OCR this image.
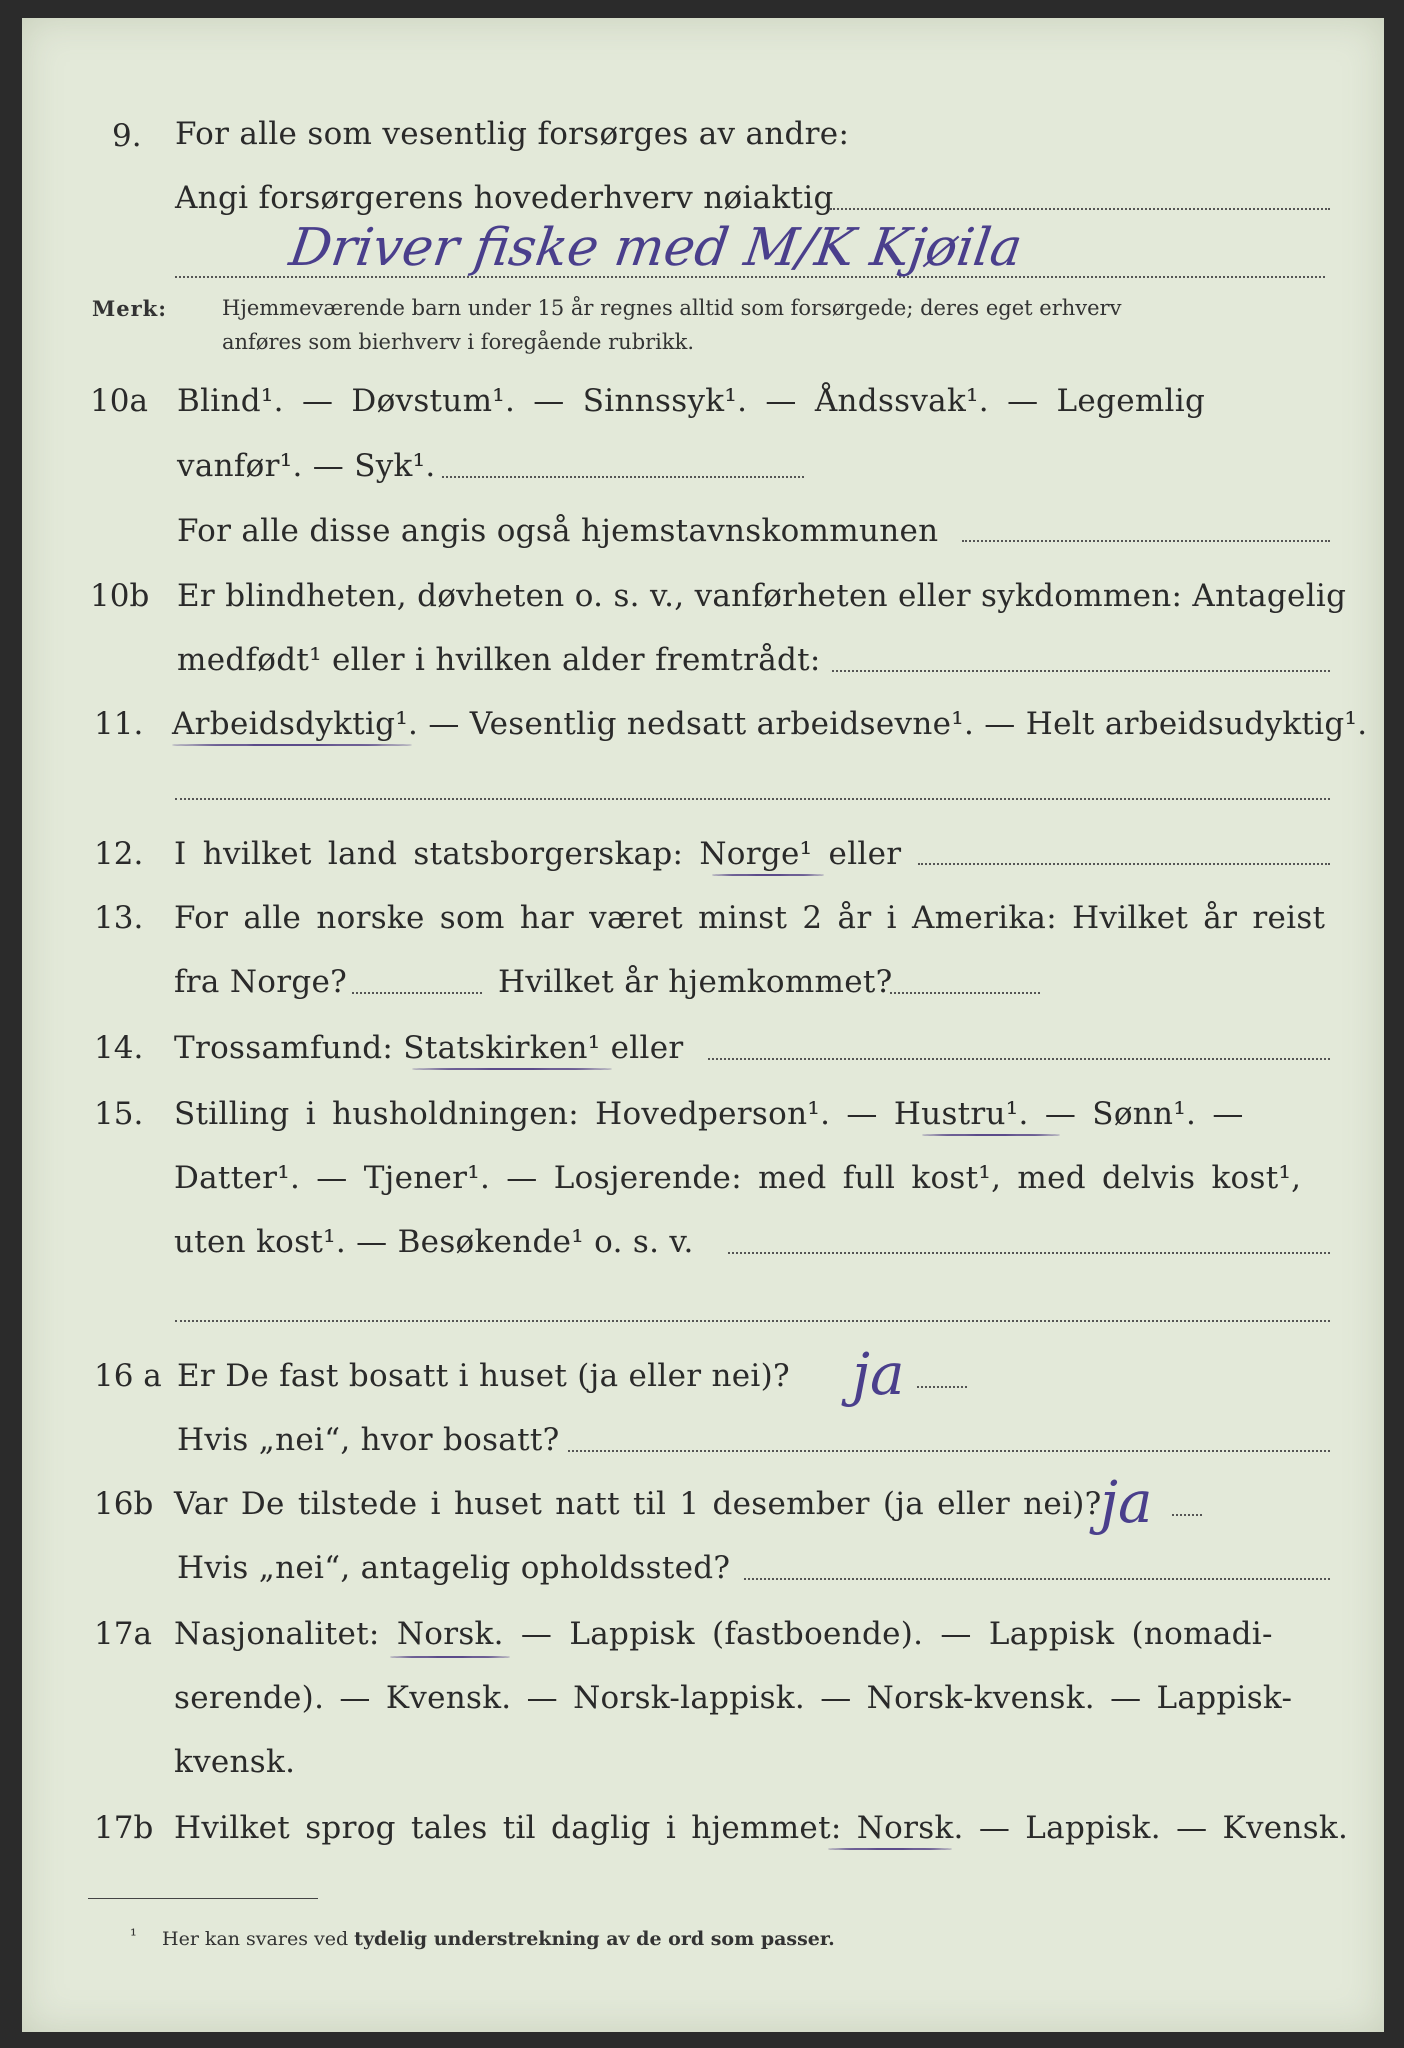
9. For alle som vesentlig forsørges av andre:
Angi forsørgerens hovederhverv nøiaktig
Driver fiske med M/K Kjøila
Merk:	Hjemmeværende barn under 15 år regnes alltid som forsørgede; deres eget erhverv
anføres som bierhverv i foregående rubrikk.
10a Blind¹. — Døvstum¹. — Sinnssyk¹. — Åndssvak¹. — Legemlig
vanfør¹. — Syk¹.
For alle disse angis også hjemstavnskommunen
10b Er blindheten, døvheten o. s. v., vanførheten eller sykdommen: Antagelig
medfødt¹ eller i hvilken alder fremtrådt:
11. Arbeidsdyktig¹. — Vesentlig nedsatt arbeidsevne¹. — Helt arbeidsudyktig¹.
12. I hvilket land statsborgerskap: Norge¹ eller
13. For alle norske som har været minst 2 år i Amerika: Hvilket år reist
fra Norge?	Hvilket år hjemkommet?
14. Trossamfund: Statskirken¹ eller
15. Stilling i husholdningen: Hovedperson¹. — Hustru¹. — Sønn¹. —
Datter¹. — Tjener¹. — Losjerende: med full kost¹, med delvis kost¹,
uten kost¹. — Besøkende¹ o. s. v.
16 a Er De fast bosatt i huset (ja eller nei)? ja
Hvis „nei“, hvor bosatt?
16b Var De tilstede i huset natt til 1 desember (ja eller nei)?
ja
Hvis „nei“, antagelig opholdssted?
17a Nasjonalitet: Norsk. — Lappisk (fastboende). — Lappisk (nomadi-
serende). — Kvensk. — Norsk-lappisk. — Norsk-kvensk. — Lappisk-
kvensk.
17b Hvilket sprog tales til daglig i hjemmet: Norsk. — Lappisk. — Kvensk.
¹ Her kan svares ved tydelig understrekning av de ord som passer.
